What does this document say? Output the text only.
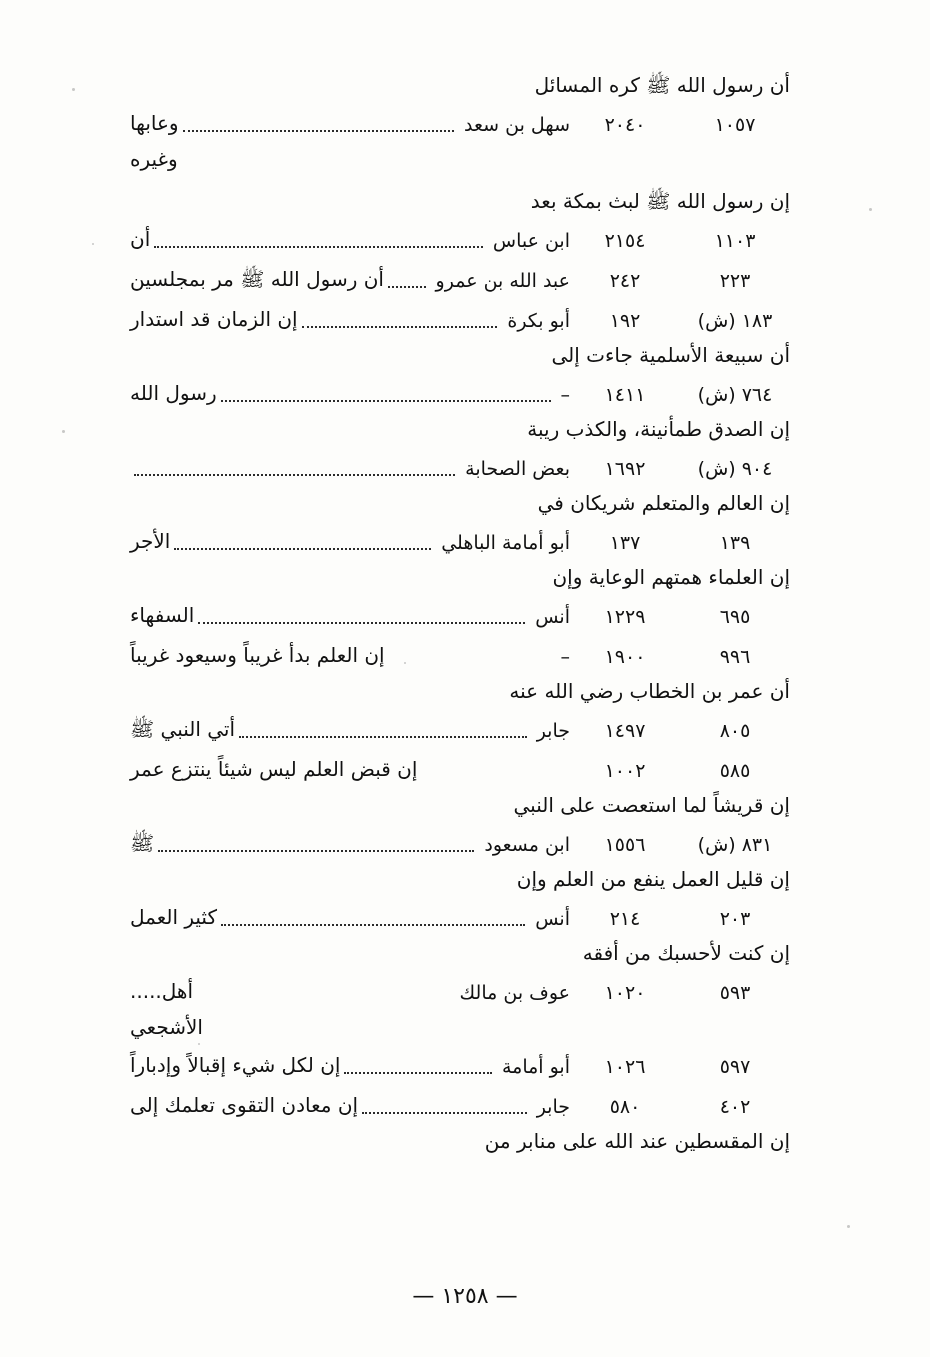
أن رسول الله ﷺ كره المسائل
١٠٥٧
٢٠٤٠
سهل بن سعد
وعابها
وغيره
إن رسول الله ﷺ لبث بمكة بعد
١١٠٣
٢١٥٤
ابن عباس
أن
٢٢٣
٢٤٢
عبد الله بن عمرو
أن رسول الله ﷺ مر بمجلسين
١٨٣ (ش)
١٩٢
أبو بكرة
إن الزمان قد استدار
أن سبيعة الأسلمية جاءت إلى
٧٦٤ (ش)
١٤١١
–
رسول الله
إن الصدق طمأنينة، والكذب ريبة
٩٠٤ (ش)
١٦٩٢
بعض الصحابة
إن العالم والمتعلم شريكان في
١٣٩
١٣٧
أبو أمامة الباهلي
الأجر
إن العلماء همتهم الوعاية وإن
٦٩٥
١٢٢٩
أنس
السفهاء
٩٩٦
١٩٠٠
–
إن العلم بدأ غريباً وسيعود غريباً
أن عمر بن الخطاب رضي الله عنه
٨٠٥
١٤٩٧
جابر
أتي النبي ﷺ
٥٨٥
١٠٠٢
إن قبض العلم ليس شيئاً ينتزع عمر
إن قريشاً لما استعصت على النبي
٨٣١ (ش)
١٥٥٦
ابن مسعود
ﷺ
إن قليل العمل ينفع من العلم وإن
٢٠٣
٢١٤
أنس
كثير العمل
إن كنت لأحسبك من أفقه
٥٩٣
١٠٢٠
عوف بن مالك
أهل.....
الأشجعي
٥٩٧
١٠٢٦
أبو أمامة
إن لكل شيء إقبالاً وإدباراً
٤٠٢
٥٨٠
جابر
إن معادن التقوى تعلمك إلى
إن المقسطين عند الله على منابر من
— ١٢٥٨ —
